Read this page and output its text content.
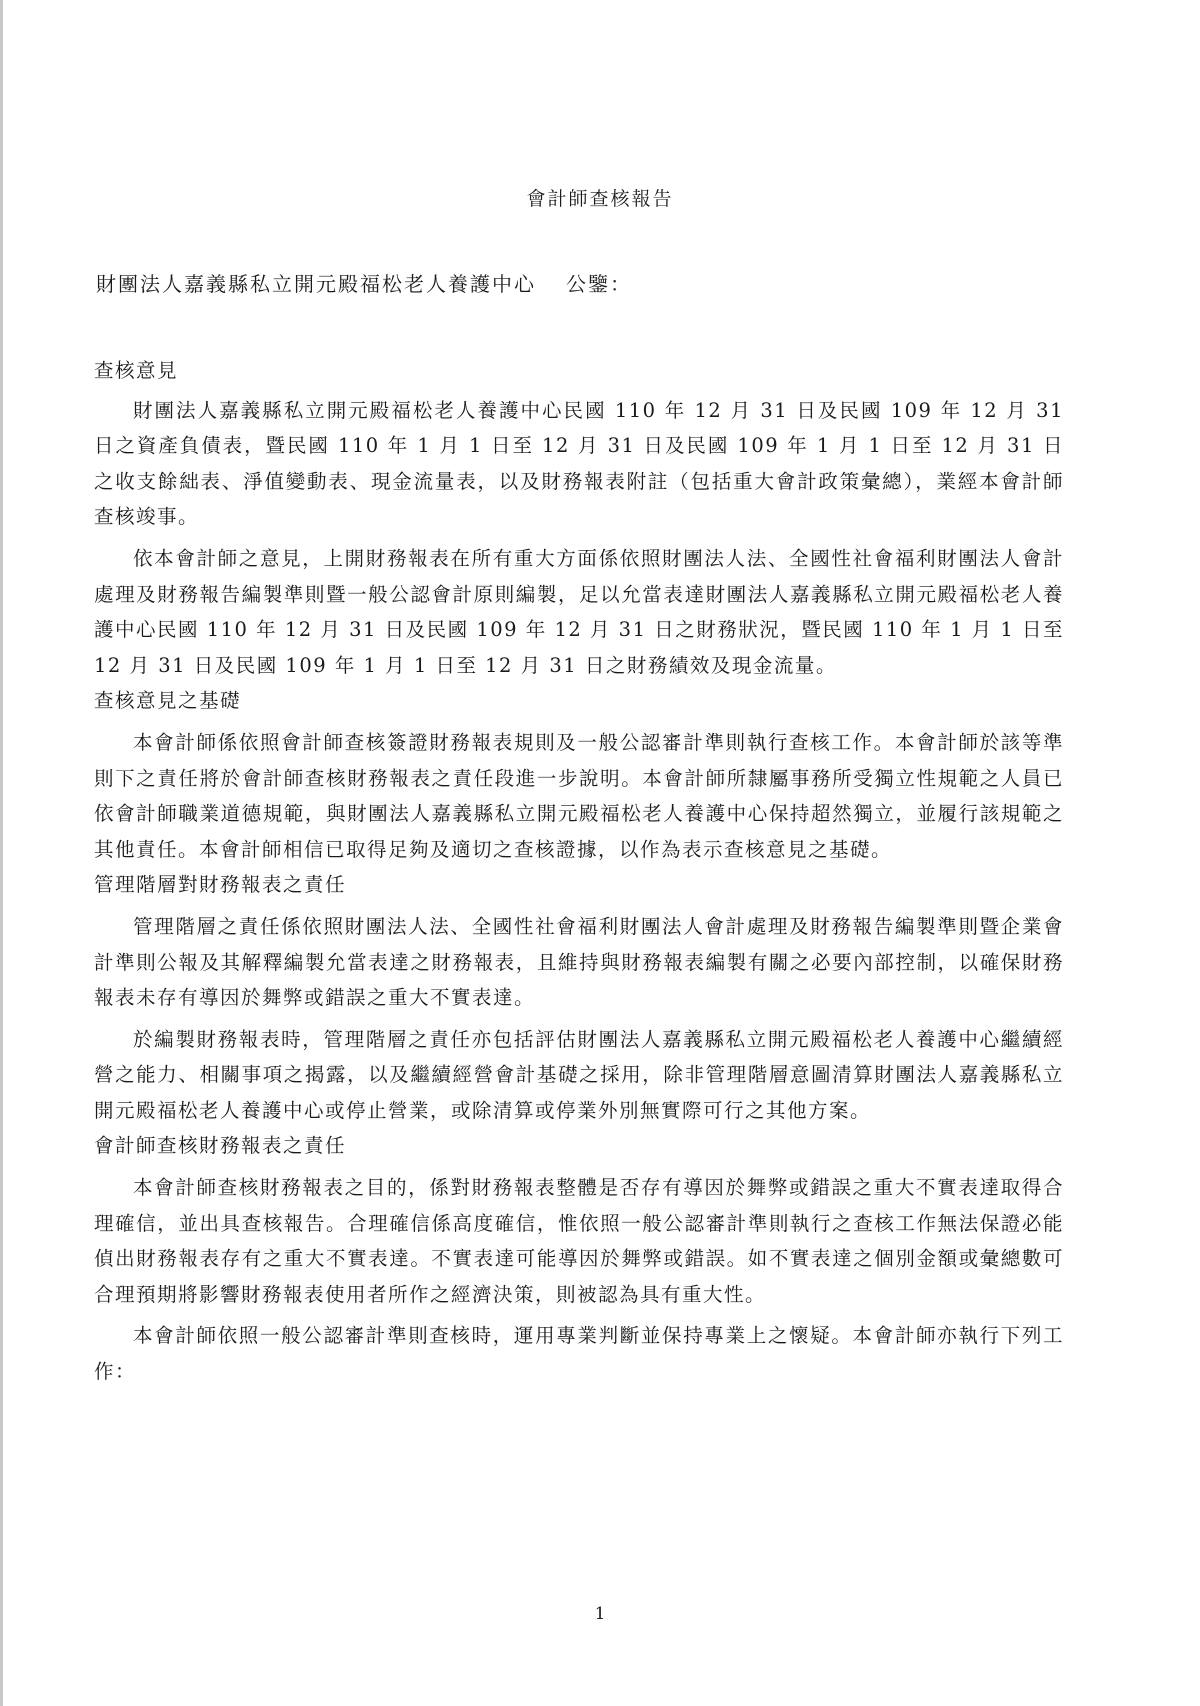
會計師查核報告
財團法人嘉義縣私立開元殿福松老人養護中心 公鑒：

查核意見

財團法人嘉義縣私立開元殿福松老人養護中心民國 110 年 12 月 31 日及民國 109 年 12 月 31 日之資產負債表，暨民國 110 年 1 月 1 日至 12 月 31 日及民國 109 年 1 月 1 日至 12 月 31 日之收支餘絀表、淨值變動表、現金流量表，以及財務報表附註（包括重大會計政策彙總），業經本會計師查核竣事。

依本會計師之意見，上開財務報表在所有重大方面係依照財團法人法、全國性社會福利財團法人會計處理及財務報告編製準則暨一般公認會計原則編製，足以允當表達財團法人嘉義縣私立開元殿福松老人養護中心民國 110 年 12 月 31 日及民國 109 年 12 月 31 日之財務狀況，暨民國 110 年 1 月 1 日至 12 月 31 日及民國 109 年 1 月 1 日至 12 月 31 日之財務績效及現金流量。

查核意見之基礎

本會計師係依照會計師查核簽證財務報表規則及一般公認審計準則執行查核工作。本會計師於該等準則下之責任將於會計師查核財務報表之責任段進一步說明。本會計師所隸屬事務所受獨立性規範之人員已依會計師職業道德規範，與財團法人嘉義縣私立開元殿福松老人養護中心保持超然獨立，並履行該規範之其他責任。本會計師相信已取得足夠及適切之查核證據，以作為表示查核意見之基礎。

管理階層對財務報表之責任

管理階層之責任係依照財團法人法、全國性社會福利財團法人會計處理及財務報告編製準則暨企業會計準則公報及其解釋編製允當表達之財務報表，且維持與財務報表編製有關之必要內部控制，以確保財務報表未存有導因於舞弊或錯誤之重大不實表達。

於編製財務報表時，管理階層之責任亦包括評估財團法人嘉義縣私立開元殿福松老人養護中心繼續經營之能力、相關事項之揭露，以及繼續經營會計基礎之採用，除非管理階層意圖清算財團法人嘉義縣私立開元殿福松老人養護中心或停止營業，或除清算或停業外別無實際可行之其他方案。

會計師查核財務報表之責任

本會計師查核財務報表之目的，係對財務報表整體是否存有導因於舞弊或錯誤之重大不實表達取得合理確信，並出具查核報告。合理確信係高度確信，惟依照一般公認審計準則執行之查核工作無法保證必能偵出財務報表存有之重大不實表達。不實表達可能導因於舞弊或錯誤。如不實表達之個別金額或彙總數可合理預期將影響財務報表使用者所作之經濟決策，則被認為具有重大性。

本會計師依照一般公認審計準則查核時，運用專業判斷並保持專業上之懷疑。本會計師亦執行下列工作：

1
